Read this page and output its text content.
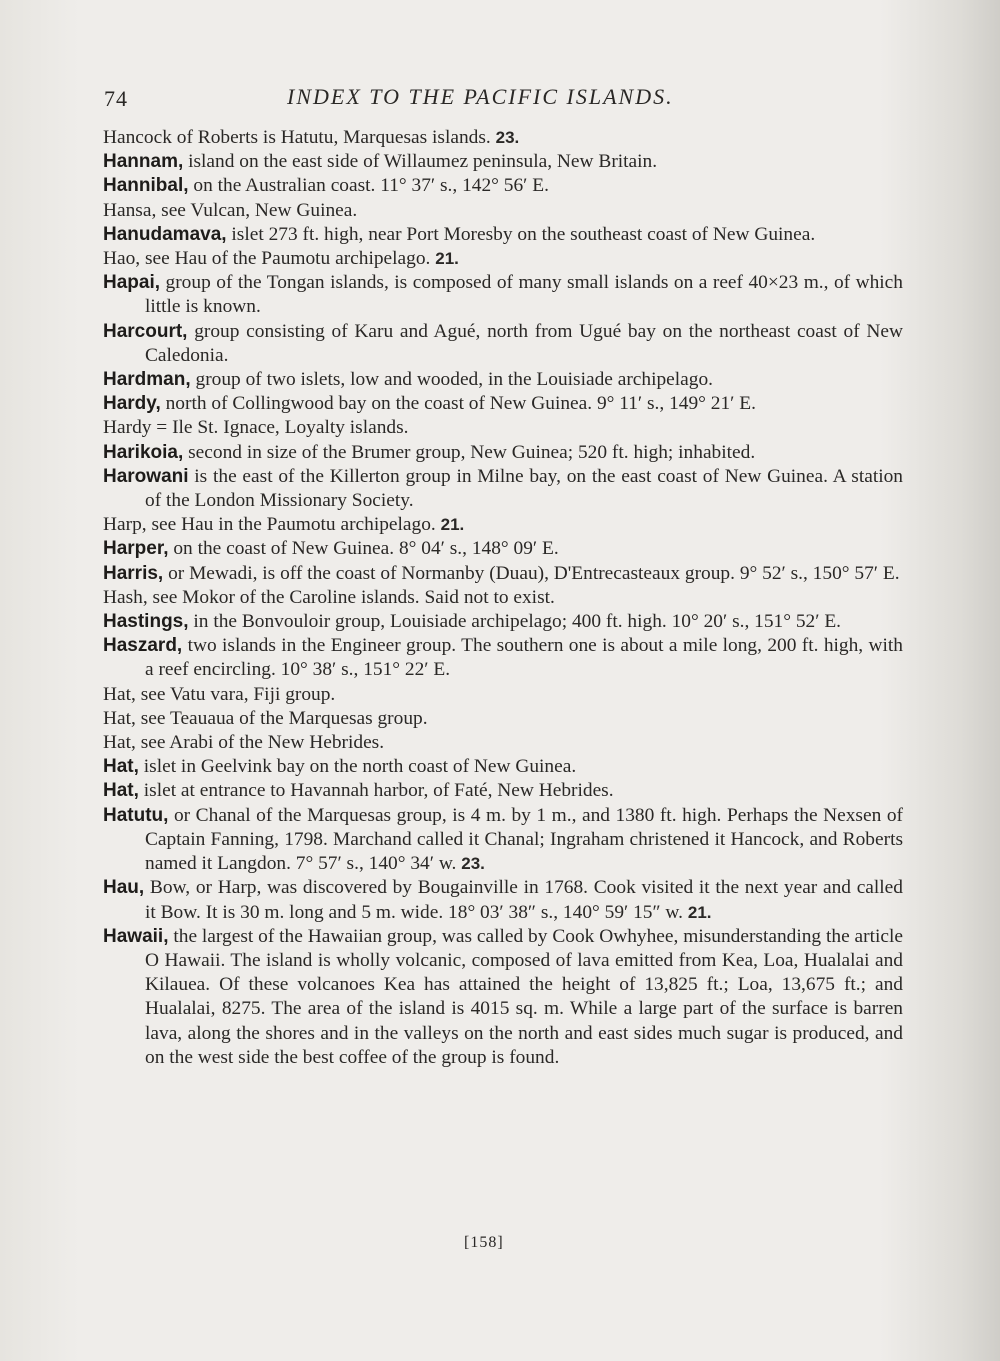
74	INDEX TO THE PACIFIC ISLANDS.

Hancock of Roberts is Hatutu, Marquesas islands. 23.

Hannam, island on the east side of Willaumez peninsula, New Britain.

Hannibal, on the Australian coast. 11° 37′ s., 142° 56′ E.

Hansa, see Vulcan, New Guinea.

Hanudamava, islet 273 ft. high, near Port Moresby on the southeast coast of New Guinea.

Hao, see Hau of the Paumotu archipelago. 21.

Hapai, group of the Tongan islands, is composed of many small islands on a reef 40×23 m., of which little is known.

Harcourt, group consisting of Karu and Agué, north from Ugué bay on the northeast coast of New Caledonia.

Hardman, group of two islets, low and wooded, in the Louisiade archipelago.

Hardy, north of Collingwood bay on the coast of New Guinea. 9° 11′ s., 149° 21′ E.

Hardy = Ile St. Ignace, Loyalty islands.

Harikoia, second in size of the Brumer group, New Guinea; 520 ft. high; inhabited.

Harowani is the east of the Killerton group in Milne bay, on the east coast of New Guinea. A station of the London Missionary Society.

Harp, see Hau in the Paumotu archipelago. 21.

Harper, on the coast of New Guinea. 8° 04′ s., 148° 09′ E.

Harris, or Mewadi, is off the coast of Normanby (Duau), D'Entrecasteaux group. 9° 52′ s., 150° 57′ E.

Hash, see Mokor of the Caroline islands. Said not to exist.

Hastings, in the Bonvouloir group, Louisiade archipelago; 400 ft. high. 10° 20′ s., 151° 52′ E.

Haszard, two islands in the Engineer group. The southern one is about a mile long, 200 ft. high, with a reef encircling. 10° 38′ s., 151° 22′ E.

Hat, see Vatu vara, Fiji group.

Hat, see Teauaua of the Marquesas group.

Hat, see Arabi of the New Hebrides.

Hat, islet in Geelvink bay on the north coast of New Guinea.

Hat, islet at entrance to Havannah harbor, of Faté, New Hebrides.

Hatutu, or Chanal of the Marquesas group, is 4 m. by 1 m., and 1380 ft. high. Perhaps the Nexsen of Captain Fanning, 1798. Marchand called it Chanal; Ingraham christened it Hancock, and Roberts named it Langdon. 7° 57′ s., 140° 34′ w. 23.

Hau, Bow, or Harp, was discovered by Bougainville in 1768. Cook visited it the next year and called it Bow. It is 30 m. long and 5 m. wide. 18° 03′ 38″ s., 140° 59′ 15″ w. 21.

Hawaii, the largest of the Hawaiian group, was called by Cook Owhyhee, misunderstanding the article O Hawaii. The island is wholly volcanic, composed of lava emitted from Kea, Loa, Hualalai and Kilauea. Of these volcanoes Kea has attained the height of 13,825 ft.; Loa, 13,675 ft.; and Hualalai, 8275. The area of the island is 4015 sq. m. While a large part of the surface is barren lava, along the shores and in the valleys on the north and east sides much sugar is produced, and on the west side the best coffee of the group is found.

[158]
